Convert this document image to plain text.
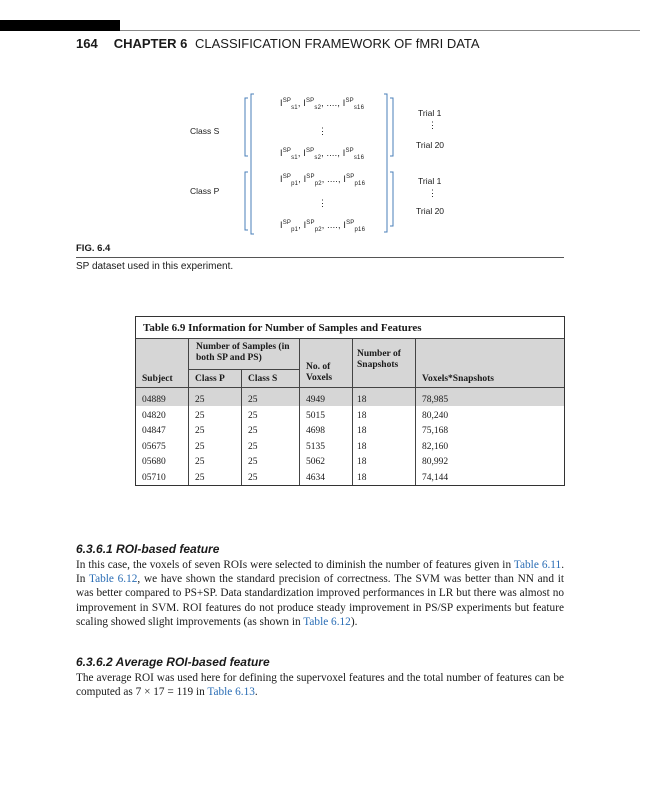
164 CHAPTER 6 CLASSIFICATION FRAMEWORK OF fMRI DATA
Class S
Class P
$I^{SP}_{s1}$, $I^{SP}_{s2}$, ...., $I^{SP}_{s16}$
⋮
$I^{SP}_{s1}$, $I^{SP}_{s2}$, ...., $I^{SP}_{s16}$
$I^{SP}_{p1}$, $I^{SP}_{p2}$, ...., $I^{SP}_{p16}$
⋮
$I^{SP}_{p1}$, $I^{SP}_{p2}$, ...., $I^{SP}_{p16}$
Trial 1
⋮
Trial 20
Trial 1
⋮
Trial 20
FIG. 6.4
SP dataset used in this experiment.
Table 6.9 Information for Number of Samples and Features
Number of Samples (in both SP and PS)
Subject Class P Class S
No. of Voxels
Number of Snapshots
Voxels*Snapshots
04889	25	25	4949	18	78,985
04820	25	25	5015	18	80,240
04847	25	25	4698	18	75,168
05675	25	25	5135	18	82,160
05680	25	25	5062	18	80,992
05710	25	25	4634	18	74,144
6.3.6.1 ROI-based feature
In this case, the voxels of seven ROIs were selected to diminish the number of features given in Table 6.11. In Table 6.12, we have shown the standard precision of correctness. The SVM was better than NN and it was better compared to PS+SP. Data standardization improved performances in LR but there was almost no improvement in SVM. ROI features do not produce steady improvement in PS/SP experiments but feature scaling showed slight improvements (as shown in Table 6.12).
6.3.6.2 Average ROI-based feature
The average ROI was used here for defining the supervoxel features and the total number of features can be computed as 7 × 17 = 119 in Table 6.13.
